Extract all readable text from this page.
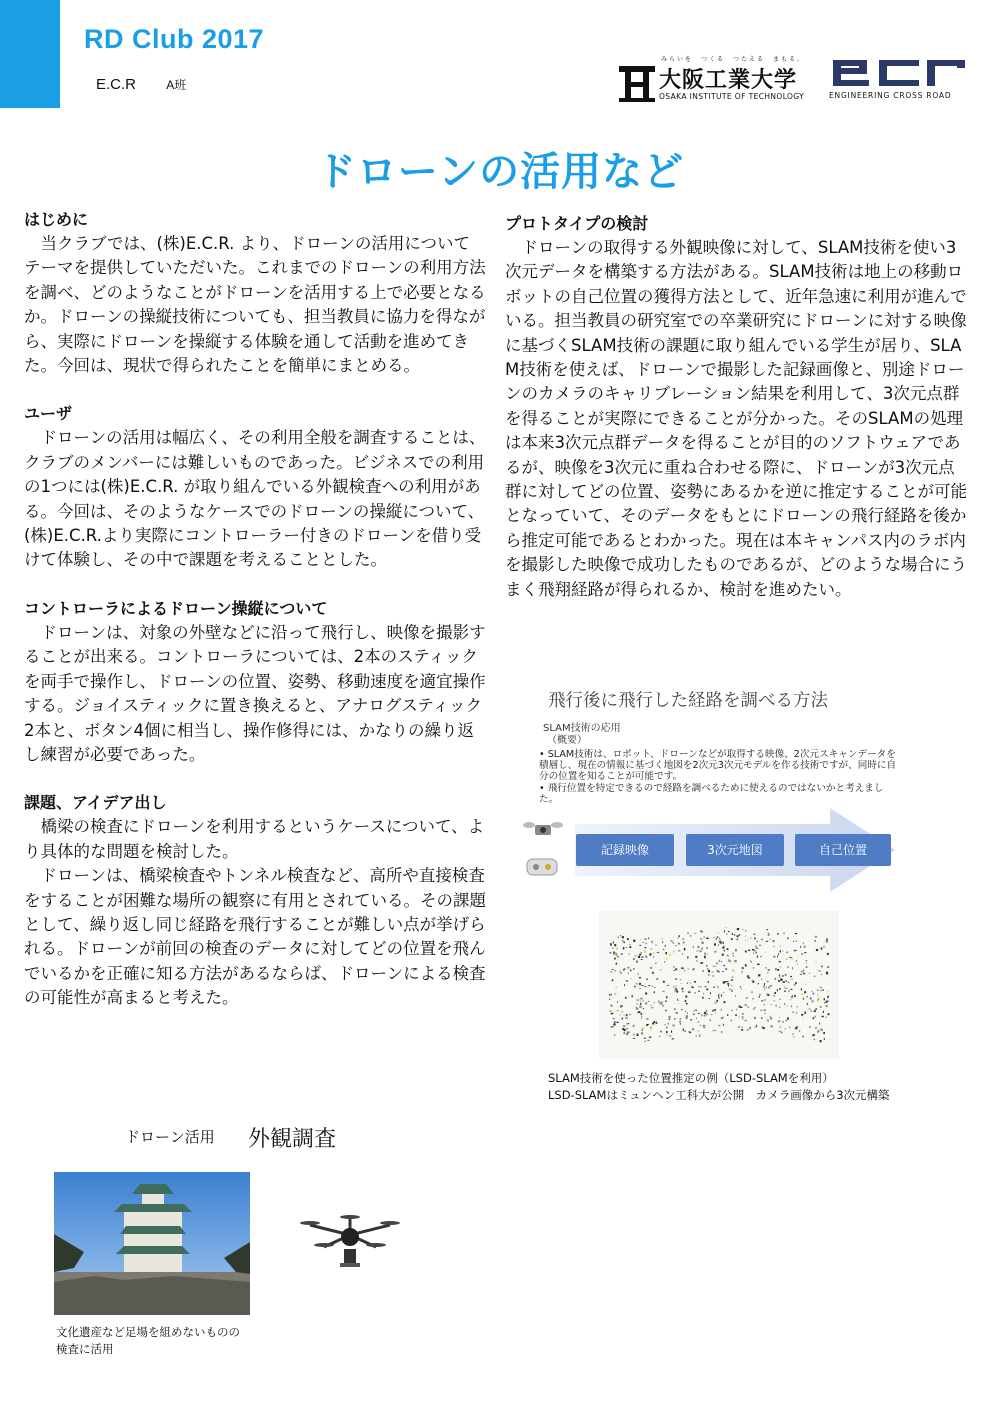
RD Club 2017
E.C.R	A班
みらいを　つくる　つたえる　まもる。
大阪工業大学
OSAKA INSTITUTE OF TECHNOLOGY	ENGINEERING CROSS ROAD
ドローンの活用など
はじめに
　当クラブでは、(株)E.C.R. より、ドローンの活用についてテーマを提供していただいた。これまでのドローンの利用方法を調べ、どのようなことがドローンを活用する上で必要となるか。ドローンの操縦技術についても、担当教員に協力を得ながら、実際にドローンを操縦する体験を通して活動を進めてきた。今回は、現状で得られたことを簡単にまとめる。
ユーザ
　ドローンの活用は幅広く、その利用全般を調査することは、クラブのメンバーには難しいものであった。ビジネスでの利用の1つには(株)E.C.R. が取り組んでいる外観検査への利用がある。今回は、そのようなケースでのドローンの操縦について、(株)E.C.R.より実際にコントローラー付きのドローンを借り受けて体験し、その中で課題を考えることとした。
コントローラによるドローン操縦について
　ドローンは、対象の外壁などに沿って飛行し、映像を撮影することが出来る。コントローラについては、2本のスティックを両手で操作し、ドローンの位置、姿勢、移動速度を適宜操作する。ジョイスティックに置き換えると、アナログスティック2本と、ボタン4個に相当し、操作修得には、かなりの繰り返し練習が必要であった。
課題、アイデア出し
　橋梁の検査にドローンを利用するというケースについて、より具体的な問題を検討した。
　ドローンは、橋梁検査やトンネル検査など、高所や直接検査をすることが困難な場所の観察に有用とされている。その課題として、繰り返し同じ経路を飛行することが難しい点が挙げられる。ドローンが前回の検査のデータに対してどの位置を飛んでいるかを正確に知る方法があるならば、ドローンによる検査の可能性が高まると考えた。
プロトタイプの検討
　ドローンの取得する外観映像に対して、SLAM技術を使い3次元データを構築する方法がある。SLAM技術は地上の移動ロボットの自己位置の獲得方法として、近年急速に利用が進んでいる。担当教員の研究室での卒業研究にドローンに対する映像に基づくSLAM技術の課題に取り組んでいる学生が居り、SLAM技術を使えば、ドローンで撮影した記録画像と、別途ドローンのカメラのキャリブレーション結果を利用して、3次元点群を得ることが実際にできることが分かった。そのSLAMの処理は本来3次元点群データを得ることが目的のソフトウェアであるが、映像を3次元に重ね合わせる際に、ドローンが3次元点群に対してどの位置、姿勢にあるかを逆に推定することが可能となっていて、そのデータをもとにドローンの飛行経路を後から推定可能であるとわかった。現在は本キャンパス内のラボ内を撮影した映像で成功したものであるが、どのような場合にうまく飛翔経路が得られるか、検討を進めたい。
ドローン活用 外観調査
文化遺産など足場を組めないものの
検査に活用
飛行後に飛行した経路を調べる方法
SLAM技術の応用
（概要）
• SLAM技術は、ロボット、ドローンなどが取得する映像、2次元スキャンデータを積層し、現在の情報に基づく地図を2次元3次元モデルを作る技術ですが、同時に自分の位置を知ることが可能です。
• 飛行位置を特定できるので経路を調べるために使えるのではないかと考えました。
記録映像	3次元地図	自己位置
SLAM技術を使った位置推定の例（LSD-SLAMを利用）
LSD-SLAMはミュンヘン工科大が公開　カメラ画像から3次元構築
